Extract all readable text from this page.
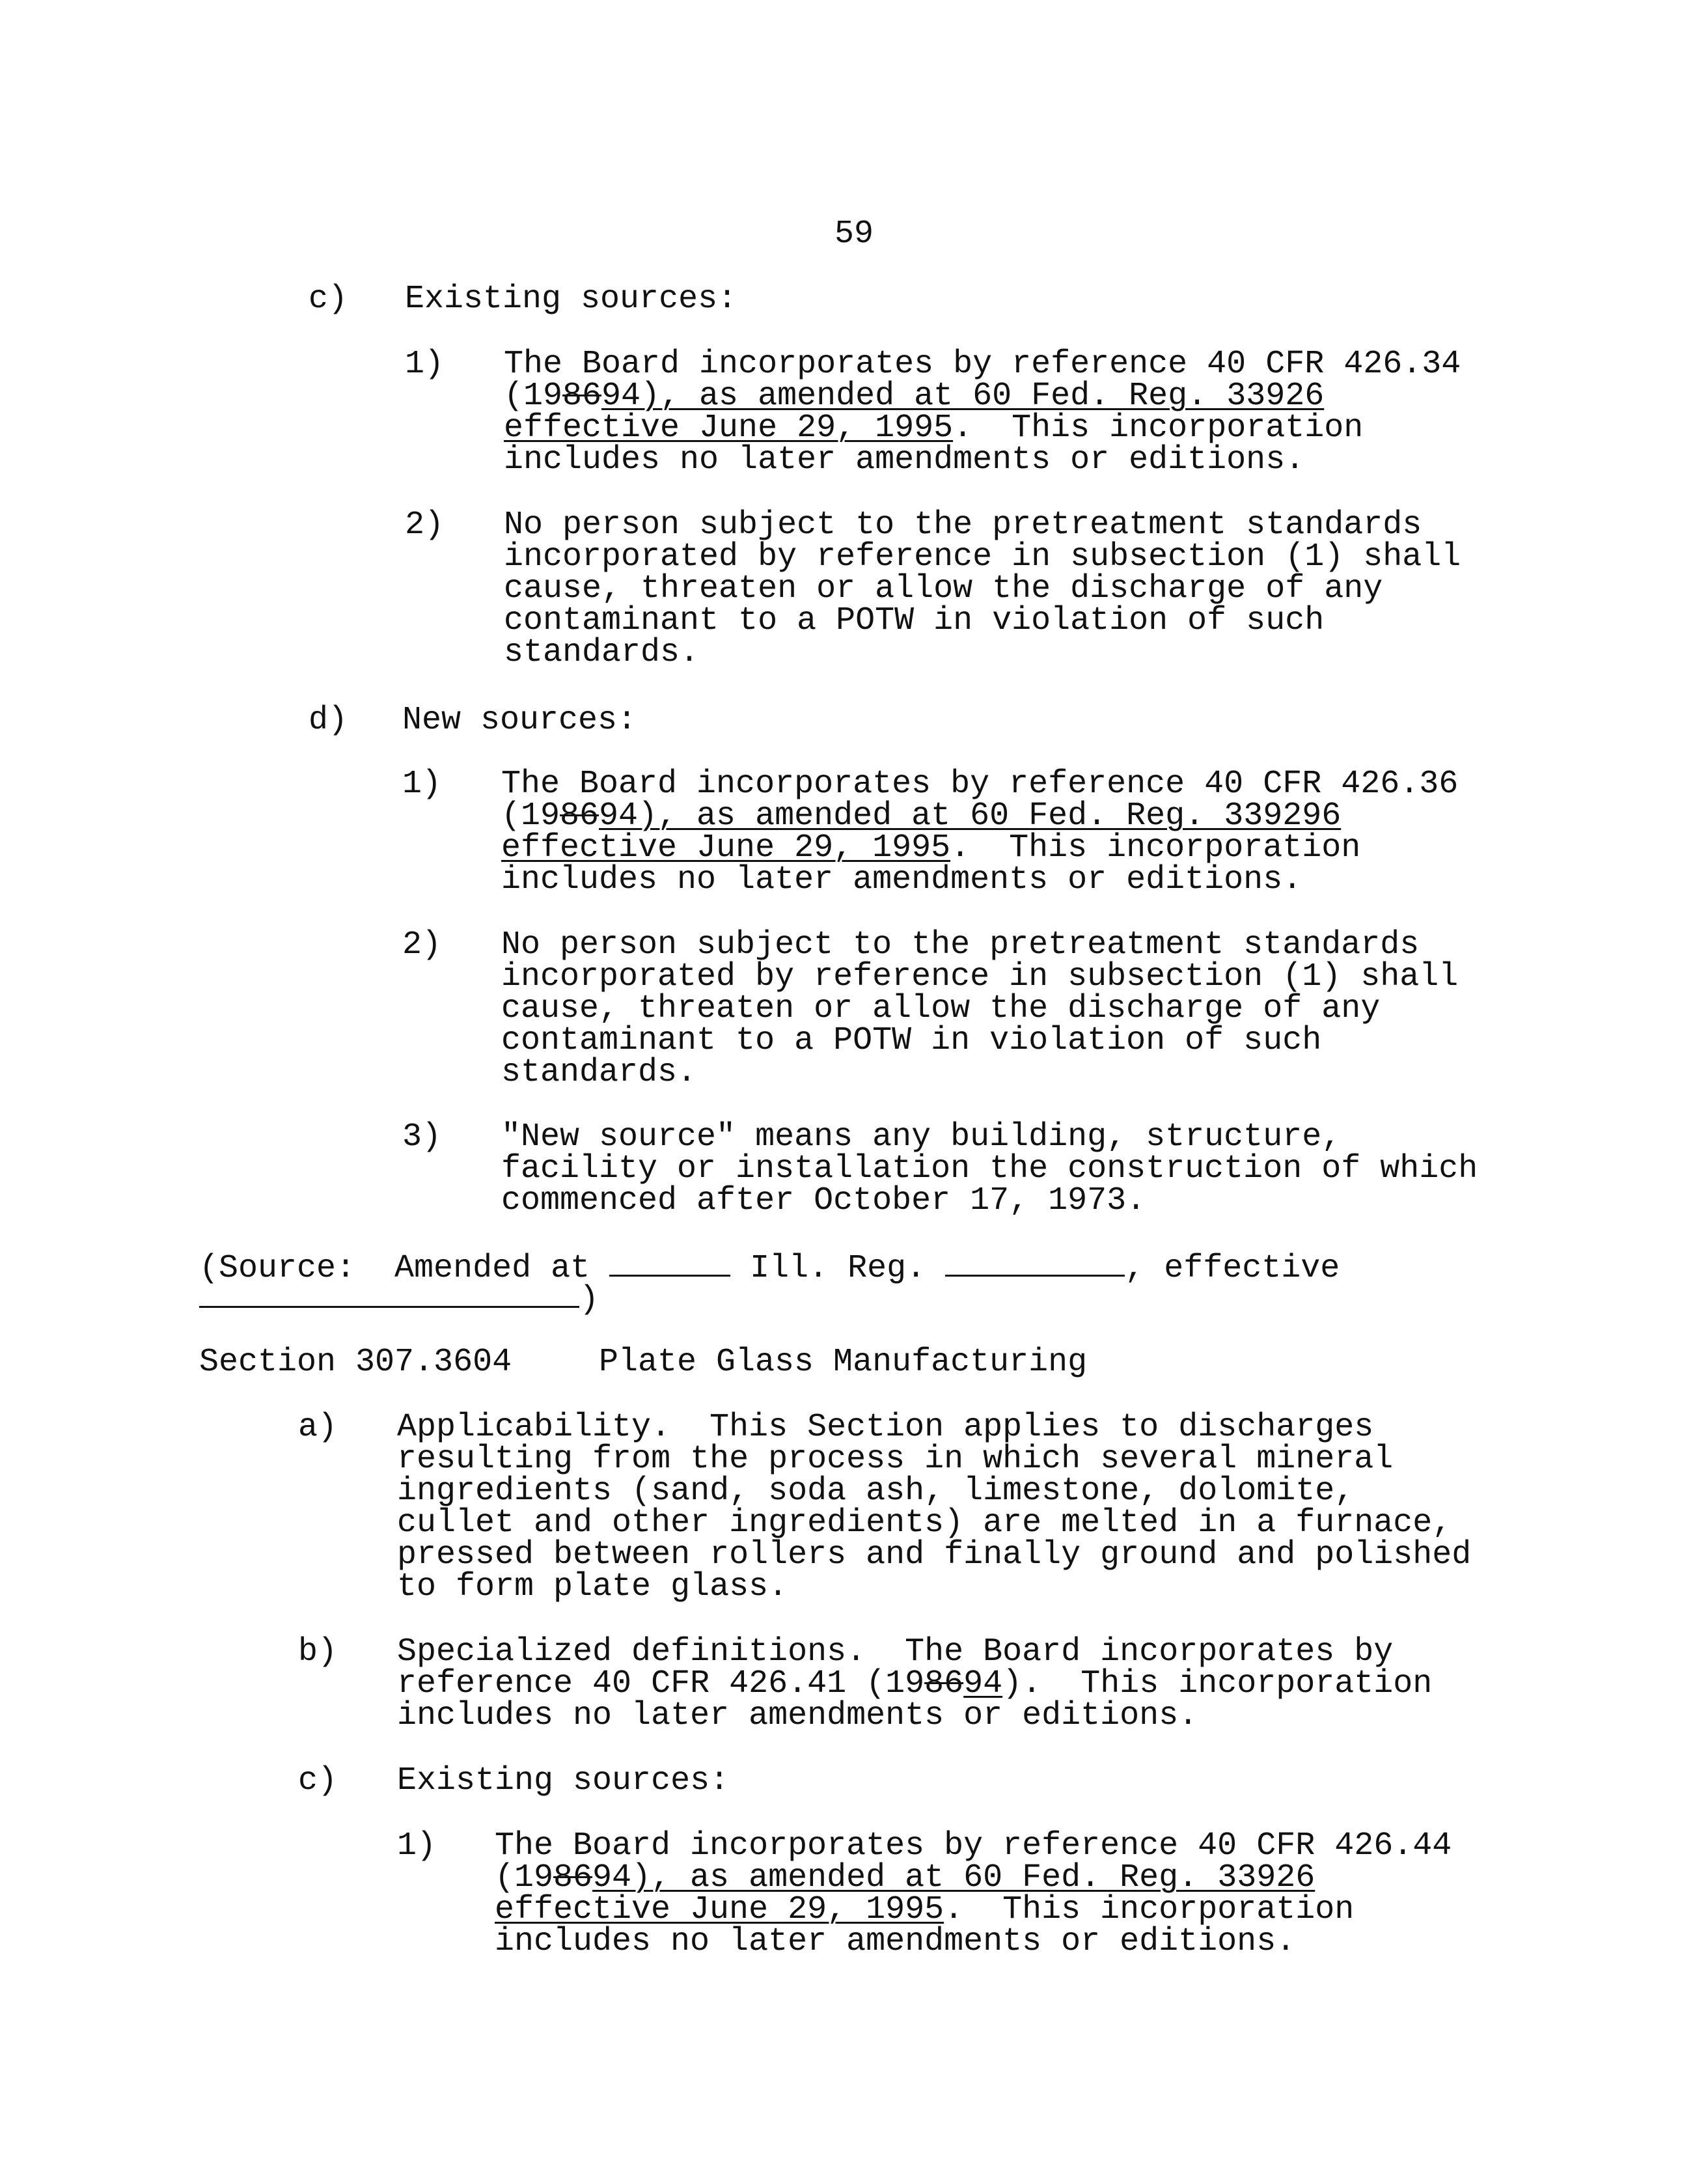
59
c) Existing sources:
1) The Board incorporates by reference 40 CFR 426.34
(198694), as amended at 60 Fed. Reg. 33926
effective June 29, 1995.  This incorporation
includes no later amendments or editions.
2) No person subject to the pretreatment standards
incorporated by reference in subsection (1) shall
cause, threaten or allow the discharge of any
contaminant to a POTW in violation of such
standards.
d) New sources:
1) The Board incorporates by reference 40 CFR 426.36
(198694), as amended at 60 Fed. Reg. 339296
effective June 29, 1995.  This incorporation
includes no later amendments or editions.
2) No person subject to the pretreatment standards
incorporated by reference in subsection (1) shall
cause, threaten or allow the discharge of any
contaminant to a POTW in violation of such
standards.
3) "New source" means any building, structure,
facility or installation the construction of which
commenced after October 17, 1973.
(Source:  Amended at	Ill. Reg.	, effective
)
Section 307.3604	Plate Glass Manufacturing
a) Applicability.  This Section applies to discharges
resulting from the process in which several mineral
ingredients (sand, soda ash, limestone, dolomite,
cullet and other ingredients) are melted in a furnace,
pressed between rollers and finally ground and polished
to form plate glass.
b) Specialized definitions.  The Board incorporates by
reference 40 CFR 426.41 (198694).  This incorporation
includes no later amendments or editions.
c) Existing sources:
1) The Board incorporates by reference 40 CFR 426.44
(198694), as amended at 60 Fed. Reg. 33926
effective June 29, 1995.  This incorporation
includes no later amendments or editions.
